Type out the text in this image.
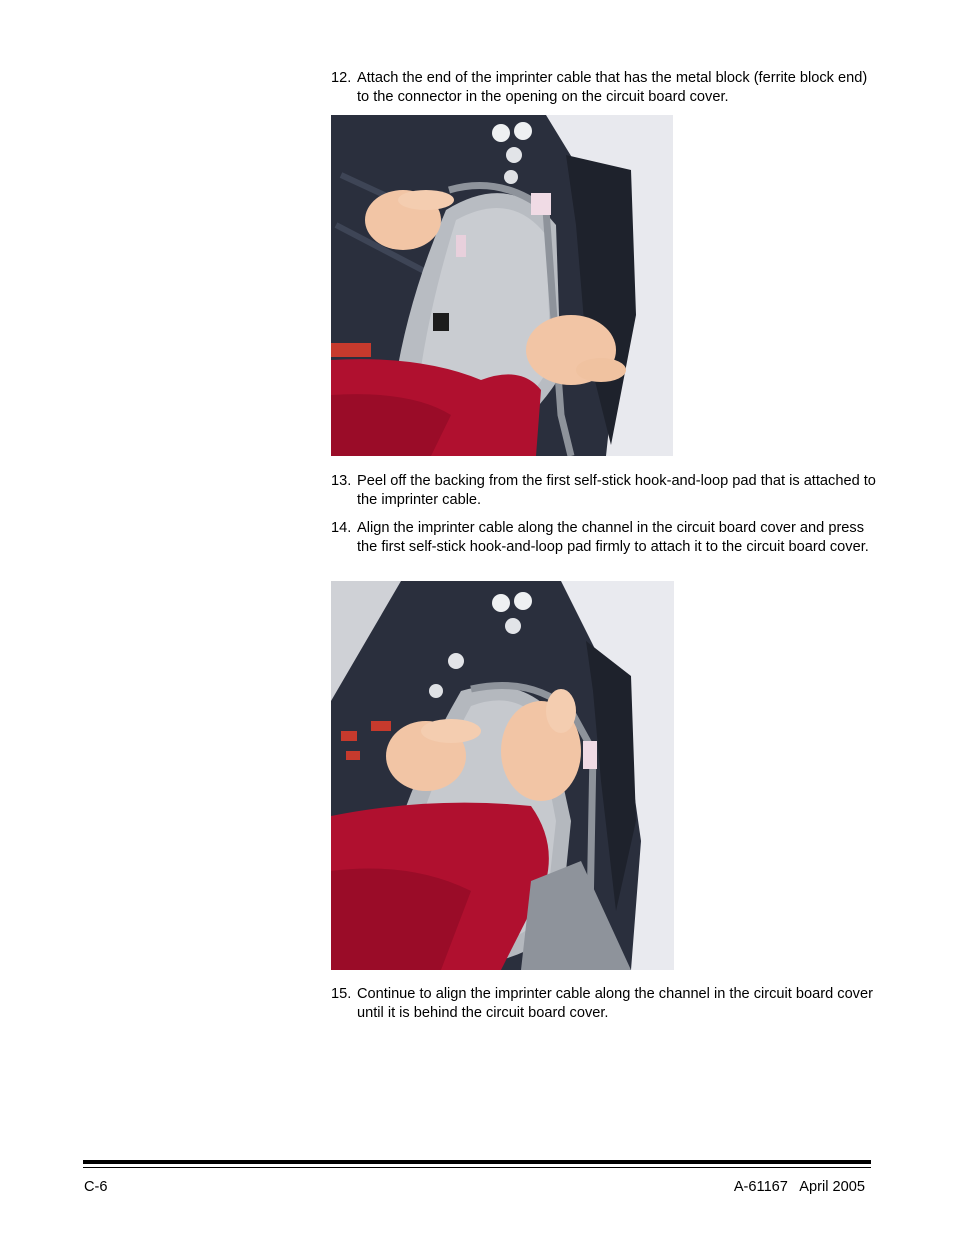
12. Attach the end of the imprinter cable that has the metal block (ferrite block end) to the connector in the opening on the circuit board cover.
13. Peel off the backing from the first self-stick hook-and-loop pad that is attached to the imprinter cable.
14. Align the imprinter cable along the channel in the circuit board cover and press the first self-stick hook-and-loop pad firmly to attach it to the circuit board cover.
15. Continue to align the imprinter cable along the channel in the circuit board cover until it is behind the circuit board cover.
C-6	A-61167   April 2005
